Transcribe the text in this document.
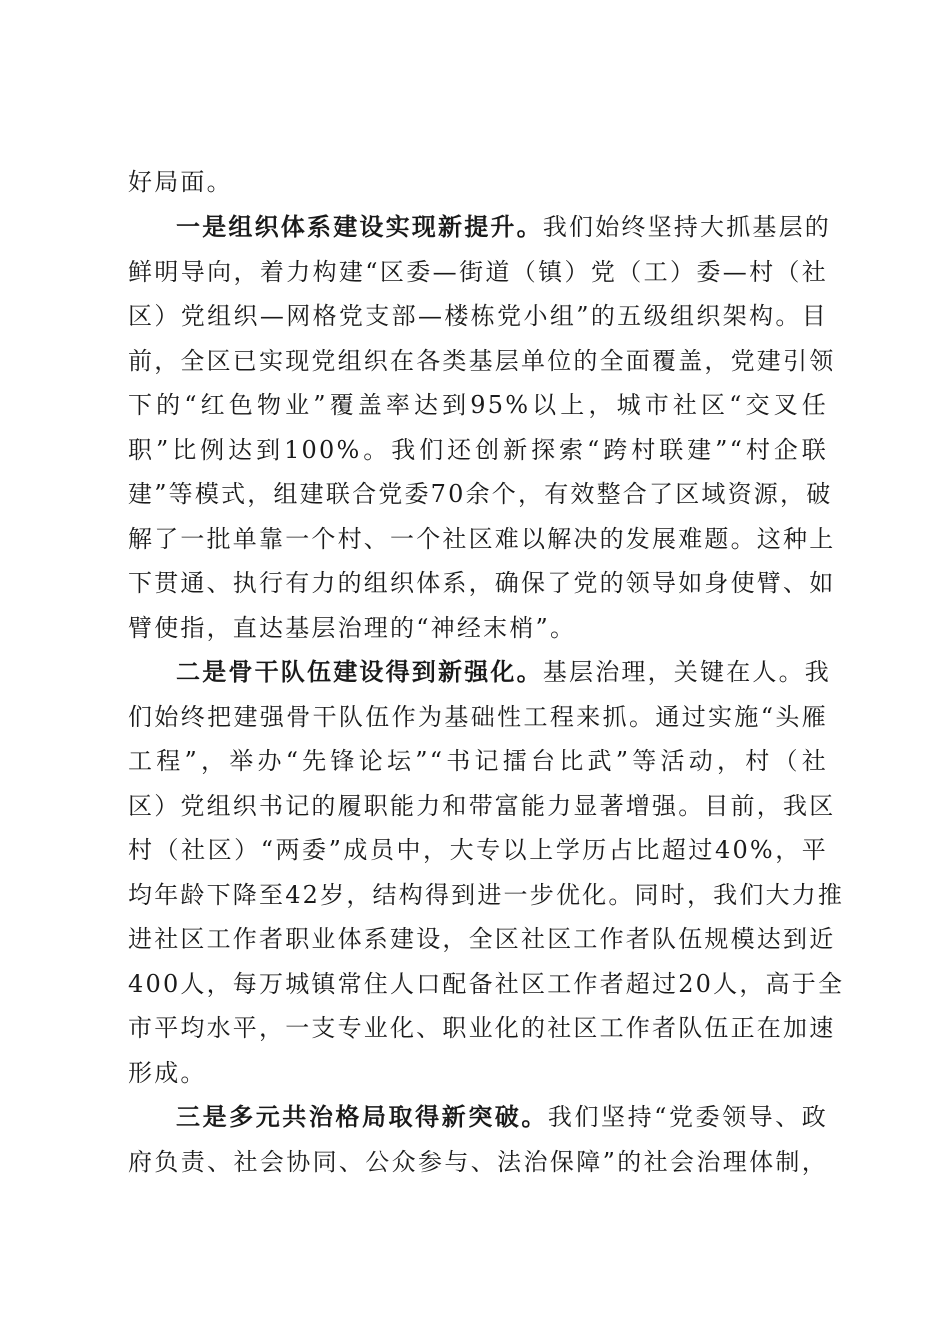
好局面。
一是组织体系建设实现新提升。我们始终坚持大抓基层的
鲜明导向，着力构建“区委—街道（镇）党（工）委—村（社
区）党组织—网格党支部—楼栋党小组”的五级组织架构。目
前，全区已实现党组织在各类基层单位的全面覆盖，党建引领
下的“红色物业”覆盖率达到95%以上，城市社区“交叉任
职”比例达到100%。我们还创新探索“跨村联建”“村企联
建”等模式，组建联合党委70余个，有效整合了区域资源，破
解了一批单靠一个村、一个社区难以解决的发展难题。这种上
下贯通、执行有力的组织体系，确保了党的领导如身使臂、如
臂使指，直达基层治理的“神经末梢”。
二是骨干队伍建设得到新强化。基层治理，关键在人。我
们始终把建强骨干队伍作为基础性工程来抓。通过实施“头雁
工程”，举办“先锋论坛”“书记擂台比武”等活动，村（社
区）党组织书记的履职能力和带富能力显著增强。目前，我区
村（社区）“两委”成员中，大专以上学历占比超过40%，平
均年龄下降至42岁，结构得到进一步优化。同时，我们大力推
进社区工作者职业体系建设，全区社区工作者队伍规模达到近
400人，每万城镇常住人口配备社区工作者超过20人，高于全
市平均水平，一支专业化、职业化的社区工作者队伍正在加速
形成。
三是多元共治格局取得新突破。我们坚持“党委领导、政
府负责、社会协同、公众参与、法治保障”的社会治理体制，
